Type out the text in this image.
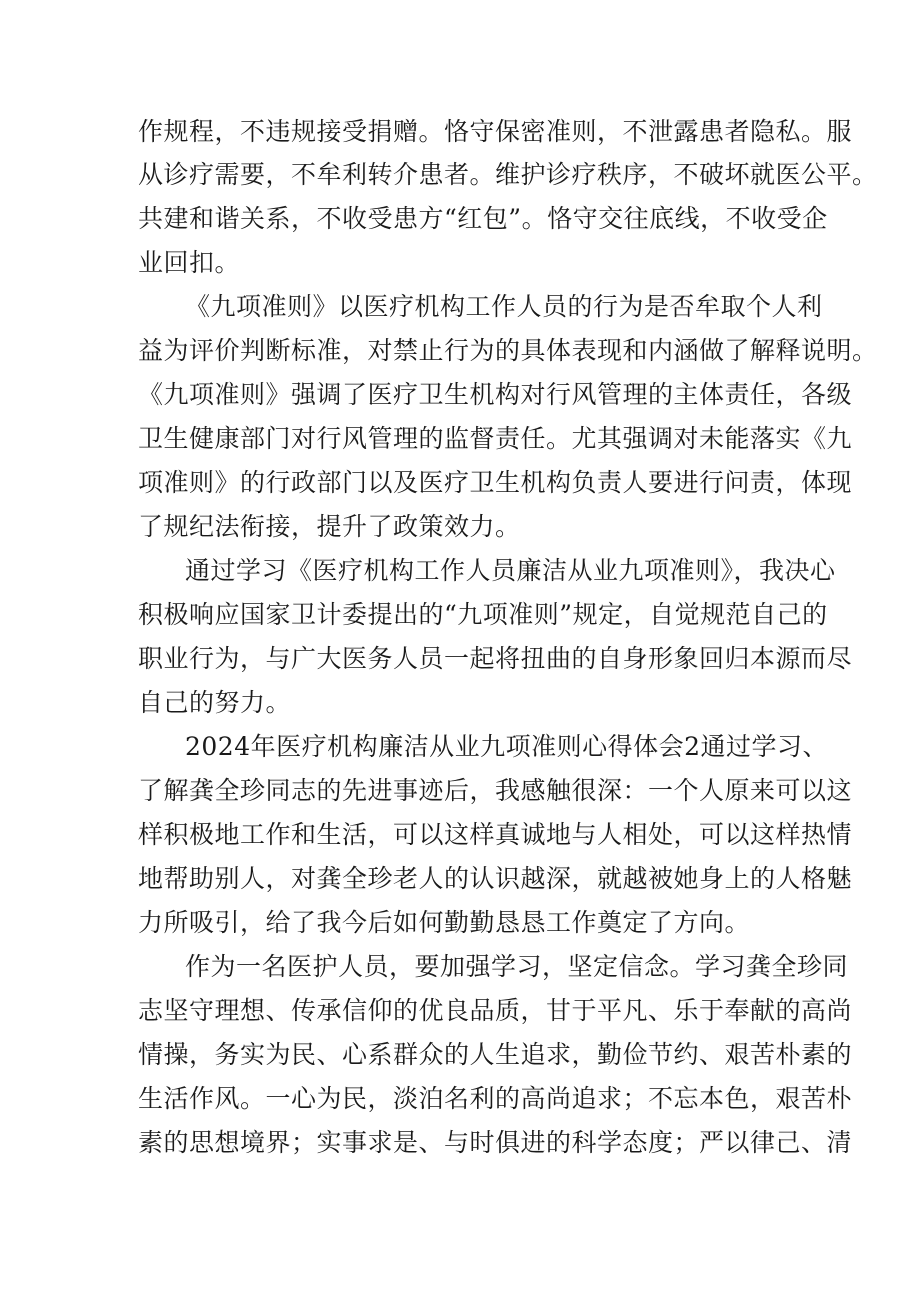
作规程，不违规接受捐赠。恪守保密准则，不泄露患者隐私。服
从诊疗需要，不牟利转介患者。维护诊疗秩序，不破坏就医公平。
共建和谐关系，不收受患方“红包”。恪守交往底线，不收受企
业回扣。
《九项准则》以医疗机构工作人员的行为是否牟取个人利
益为评价判断标准，对禁止行为的具体表现和内涵做了解释说明。
《九项准则》强调了医疗卫生机构对行风管理的主体责任，各级
卫生健康部门对行风管理的监督责任。尤其强调对未能落实《九
项准则》的行政部门以及医疗卫生机构负责人要进行问责，体现
了规纪法衔接，提升了政策效力。
通过学习《医疗机构工作人员廉洁从业九项准则》，我决心
积极响应国家卫计委提出的“九项准则”规定，自觉规范自己的
职业行为，与广大医务人员一起将扭曲的自身形象回归本源而尽
自己的努力。
2024年医疗机构廉洁从业九项准则心得体会2通过学习、
了解龚全珍同志的先进事迹后，我感触很深：一个人原来可以这
样积极地工作和生活，可以这样真诚地与人相处，可以这样热情
地帮助别人，对龚全珍老人的认识越深，就越被她身上的人格魅
力所吸引，给了我今后如何勤勤恳恳工作奠定了方向。
作为一名医护人员，要加强学习，坚定信念。学习龚全珍同
志坚守理想、传承信仰的优良品质，甘于平凡、乐于奉献的高尚
情操，务实为民、心系群众的人生追求，勤俭节约、艰苦朴素的
生活作风。一心为民，淡泊名利的高尚追求；不忘本色，艰苦朴
素的思想境界；实事求是、与时俱进的科学态度；严以律己、清
